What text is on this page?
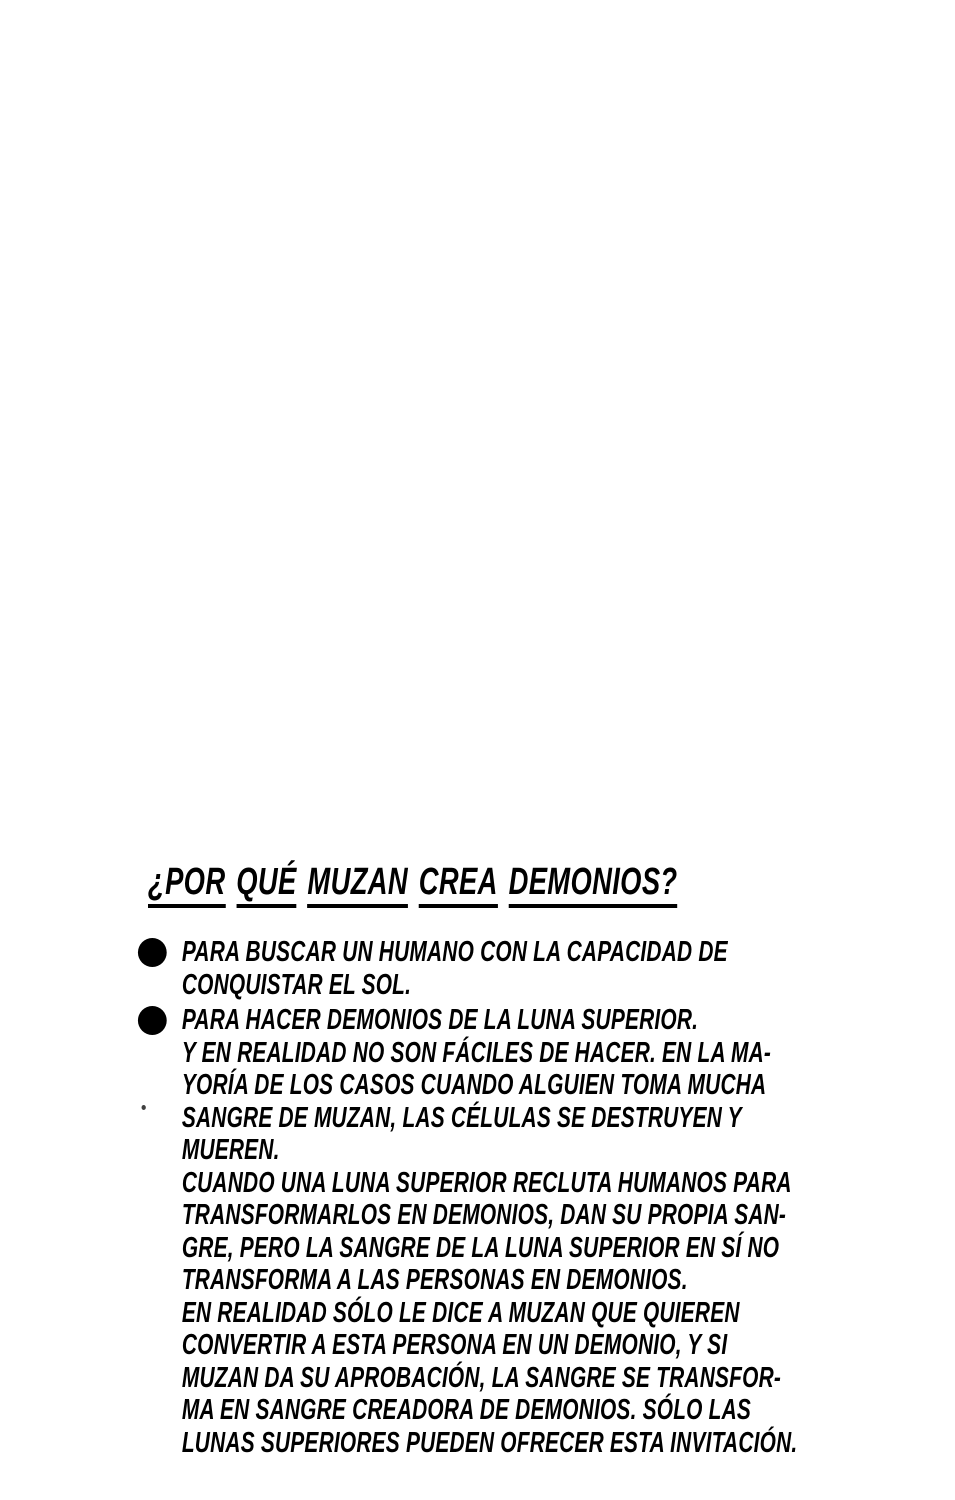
¿POR QUÉ MUZAN CREA DEMONIOS?
PARA BUSCAR UN HUMANO CON LA CAPACIDAD DE
CONQUISTAR EL SOL.
PARA HACER DEMONIOS DE LA LUNA SUPERIOR.
Y EN REALIDAD NO SON FÁCILES DE HACER. EN LA MA-
YORÍA DE LOS CASOS CUANDO ALGUIEN TOMA MUCHA
SANGRE DE MUZAN, LAS CÉLULAS SE DESTRUYEN Y
MUEREN.
CUANDO UNA LUNA SUPERIOR RECLUTA HUMANOS PARA
TRANSFORMARLOS EN DEMONIOS, DAN SU PROPIA SAN-
GRE, PERO LA SANGRE DE LA LUNA SUPERIOR EN SÍ NO
TRANSFORMA A LAS PERSONAS EN DEMONIOS.
EN REALIDAD SÓLO LE DICE A MUZAN QUE QUIEREN
CONVERTIR A ESTA PERSONA EN UN DEMONIO, Y SI
MUZAN DA SU APROBACIÓN, LA SANGRE SE TRANSFOR-
MA EN SANGRE CREADORA DE DEMONIOS. SÓLO LAS
LUNAS SUPERIORES PUEDEN OFRECER ESTA INVITACIÓN.
